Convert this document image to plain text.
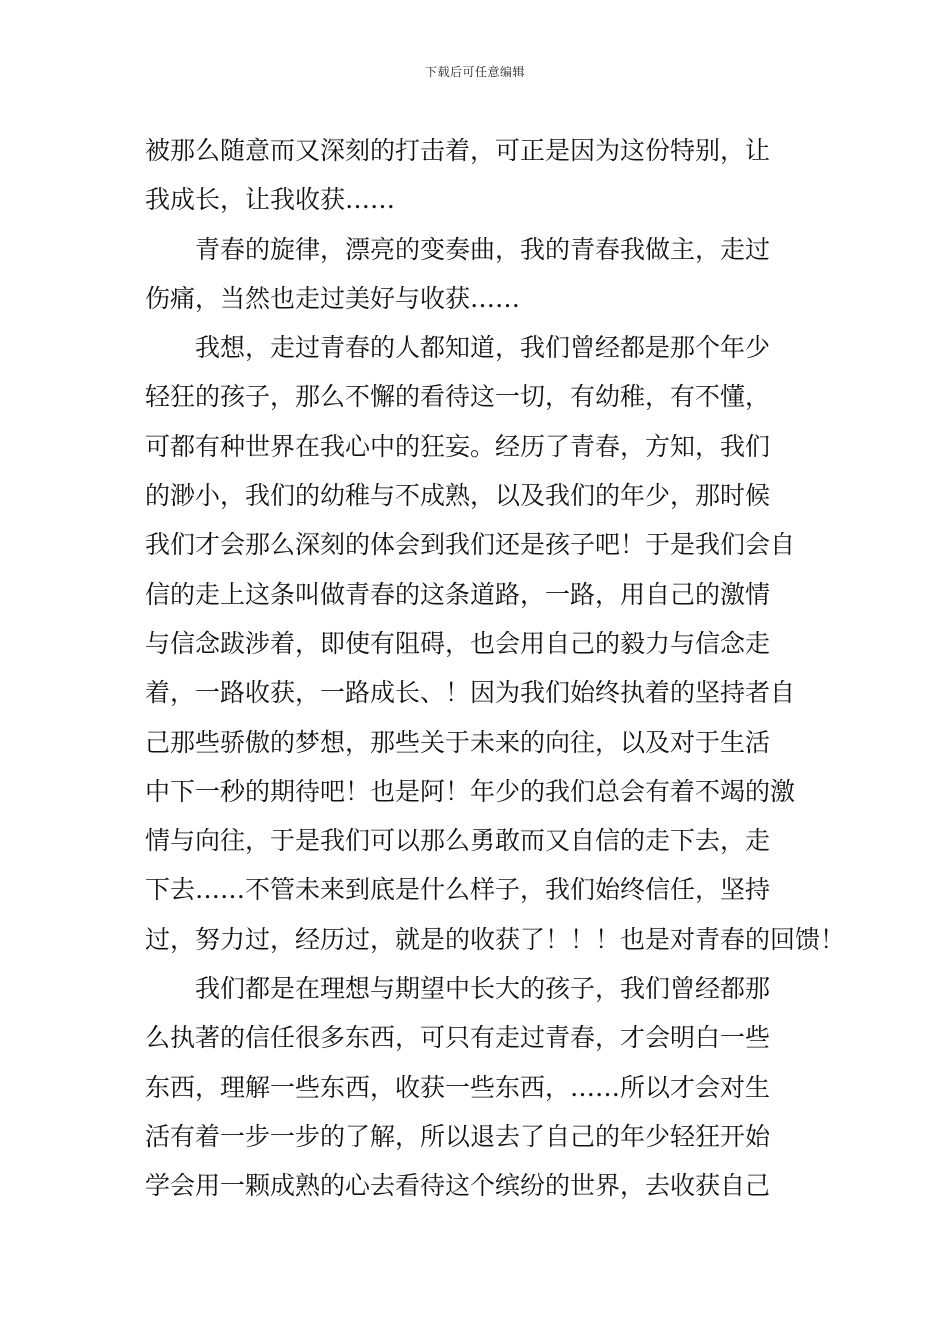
下载后可任意编辑
被那么随意而又深刻的打击着，可正是因为这份特别，让
我成长，让我收获……
青春的旋律，漂亮的变奏曲，我的青春我做主，走过
伤痛，当然也走过美好与收获……
我想，走过青春的人都知道，我们曾经都是那个年少
轻狂的孩子，那么不懈的看待这一切，有幼稚，有不懂，
可都有种世界在我心中的狂妄。经历了青春，方知，我们
的渺小，我们的幼稚与不成熟，以及我们的年少，那时候
我们才会那么深刻的体会到我们还是孩子吧！于是我们会自
信的走上这条叫做青春的这条道路，一路，用自己的激情
与信念跋涉着，即使有阻碍，也会用自己的毅力与信念走
着，一路收获，一路成长、！因为我们始终执着的坚持者自
己那些骄傲的梦想，那些关于未来的向往，以及对于生活
中下一秒的期待吧！也是阿！年少的我们总会有着不竭的激
情与向往，于是我们可以那么勇敢而又自信的走下去，走
下去……不管未来到底是什么样子，我们始终信任，坚持
过，努力过，经历过，就是的收获了！！！也是对青春的回馈！
我们都是在理想与期望中长大的孩子，我们曾经都那
么执著的信任很多东西，可只有走过青春，才会明白一些
东西，理解一些东西，收获一些东西，……所以才会对生
活有着一步一步的了解，所以退去了自己的年少轻狂开始
学会用一颗成熟的心去看待这个缤纷的世界，去收获自己
